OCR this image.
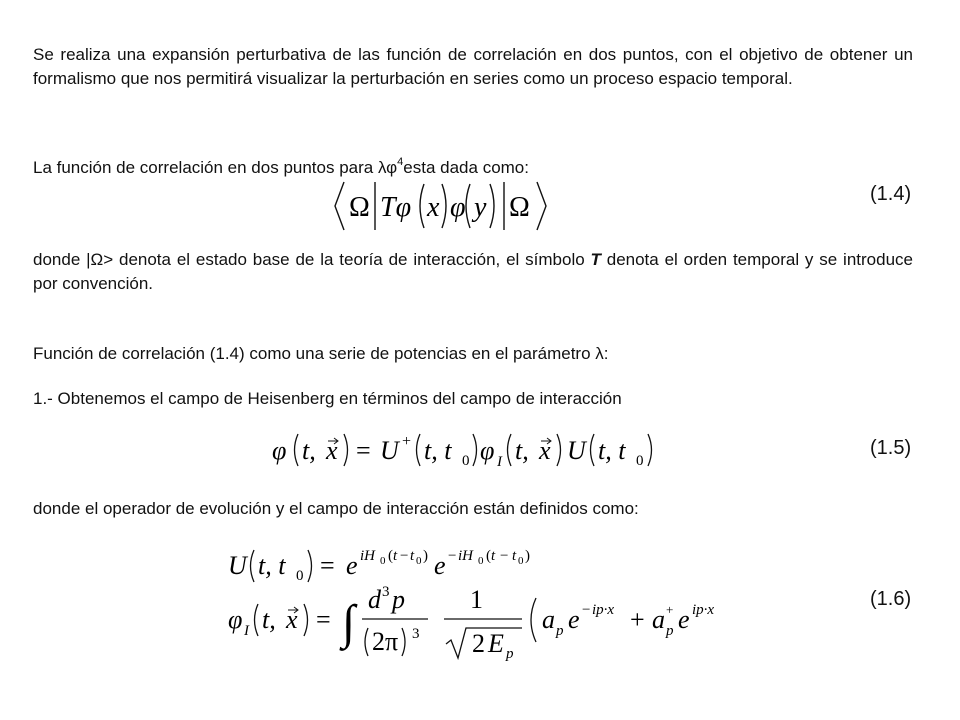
Se realiza una expansión perturbativa de las función de correlación en dos puntos, con el objetivo de obtener un formalismo que nos permitirá visualizar la perturbación en series como un proceso espacio temporal.

La función de correlación en dos puntos para $\lambda\varphi^4esta$ dada como:

Ω Tφ x φ y Ω	(1.4)

donde |Ω> denota el estado base de la teoría de interacción, el símbolo T denota el orden temporal y se introduce por convención.

Función de correlación (1.4) como una serie de potencias en el parámetro λ:

1.- Obtenemos el campo de Heisenberg en términos del campo de interacción

φ t, x = U + t, t 0 φ I t, x U t, t 0
(1.5)

donde el operador de evolución y el campo de interacción están definidos como:

U t, t 0 = e iH 0 ( t − t 0 ) e − iH 0 ( t − t 0 )
φ I t, x = ∫ d 3 p
2π 3
1
2 E p
a p e − ip·x + a +
p e ip·x	(1.6)
